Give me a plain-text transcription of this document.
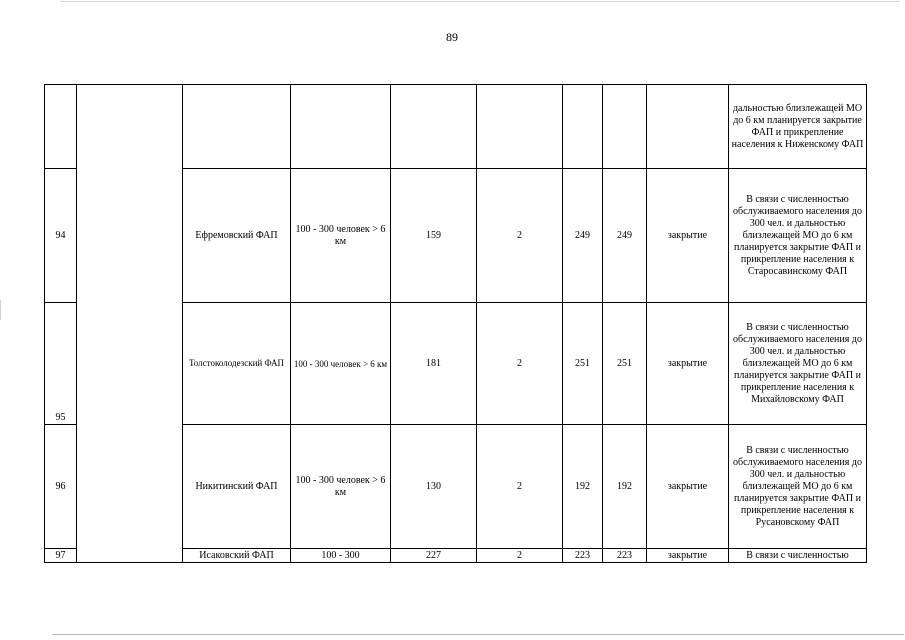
89
									дальностью близлежащей МО до 6 км планируется закрытие ФАП и прикрепление населения к Ниженскому ФАП
94		Ефремовский ФАП	100 - 300 человек > 6 км	159	2	249	249	закрытие	В связи с численностью обслуживаемого населения до 300 чел. и дальностью близлежащей МО до 6 км планируется закрытие ФАП и прикрепление населения к Старосавинскому ФАП
95		Толстоколодезский ФАП	100 - 300 человек > 6 км	181	2	251	251	закрытие	В связи с численностью обслуживаемого населения до 300 чел. и дальностью близлежащей МО до 6 км планируется закрытие ФАП и прикрепление населения к Михайловскому ФАП
96		Никитинский ФАП	100 - 300 человек > 6 км	130	2	192	192	закрытие	В связи с численностью обслуживаемого населения до 300 чел. и дальностью близлежащей МО до 6 км планируется закрытие ФАП и прикрепление населения к Русановскому ФАП
97		Исаковский ФАП	100 - 300	227	2	223	223	закрытие	В связи с численностью
